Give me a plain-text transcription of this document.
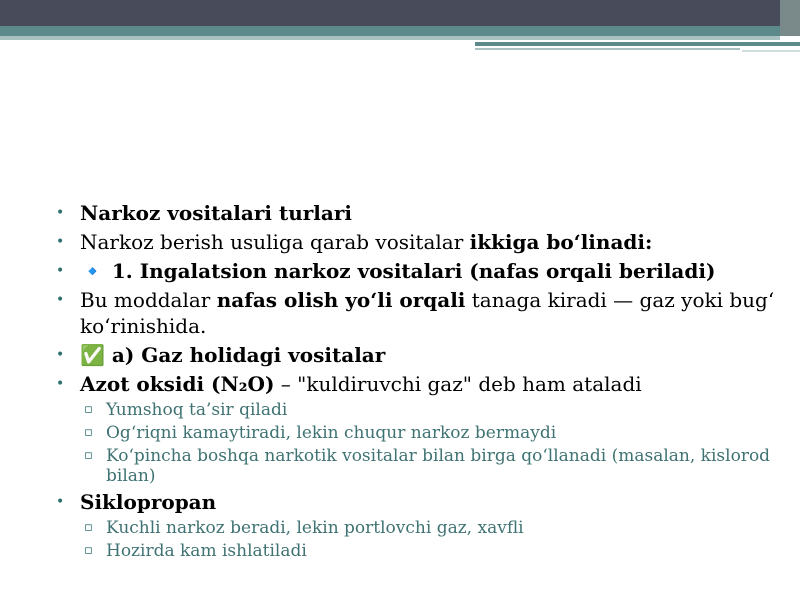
• Narkoz vositalari turlari
• Narkoz berish usuliga qarab vositalar ikkiga bo‘linadi:
• 🔹 1. Ingalatsion narkoz vositalari (nafas orqali beriladi)
• Bu moddalar nafas olish yo‘li orqali tanaga kiradi — gaz yoki bug‘ ko‘rinishida.
• ✅ a) Gaz holidagi vositalar
• Azot oksidi (N₂O) – "kuldiruvchi gaz" deb ham ataladi
▫ Yumshoq ta’sir qiladi
▫ Og‘riqni kamaytiradi, lekin chuqur narkoz bermaydi
▫ Ko‘pincha boshqa narkotik vositalar bilan birga qo‘llanadi (masalan, kislorod bilan)
• Siklopropan
▫ Kuchli narkoz beradi, lekin portlovchi gaz, xavfli
▫ Hozirda kam ishlatiladi
